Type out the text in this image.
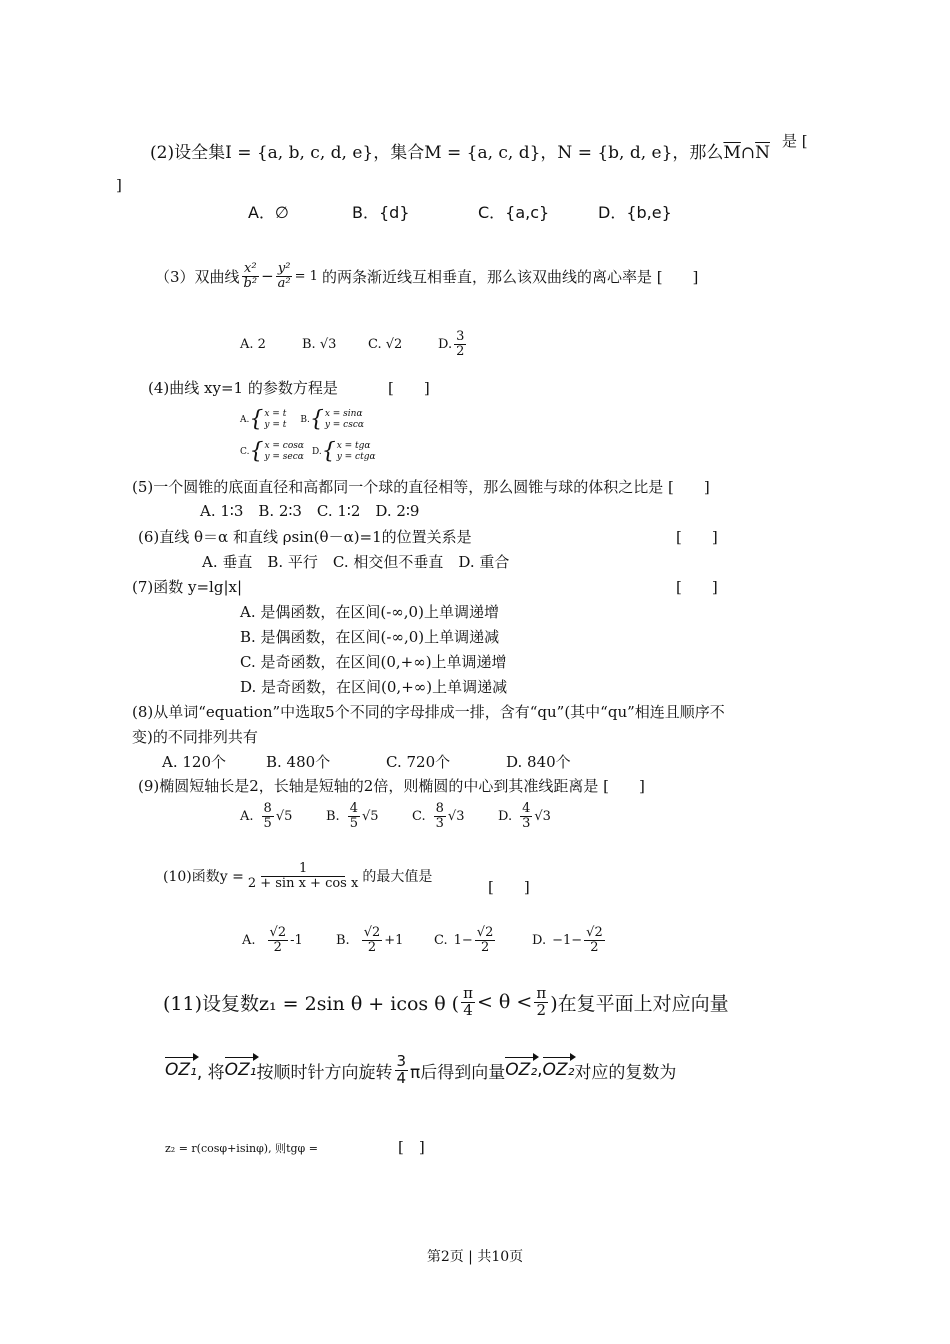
(2)设全集I = {a, b, c, d, e}，集合M = {a, c, d}，N = {b, d, e}，那么$\overline{M}\cap\overline{N}$
是 [
]
A．∅	B．{d}	C．{a,c}	D．{b,e}
（3）双曲线 $\frac{\text{x²}}{\text{b²}} - \frac{\text{y²}}{\text{a²}} = 1$ 的两条渐近线互相垂直，那么该双曲线的离心率是 [　　]
A. 2	B. √3	C. √2	D. $\frac{3}{2}$
(4)曲线 xy=1 的参数方程是	[　　]
A. { x = t
y = t B. { x = sinα
y = cscα
C. { x = cosα
y = secα D. { x = tgα
y = ctgα
(5)一个圆锥的底面直径和高都同一个球的直径相等，那么圆锥与球的体积之比是 [　　]
A. 1∶3　B. 2∶3　C. 1∶2　D. 2∶9
(6)直线 θ＝α 和直线 ρsin(θ－α)=1的位置关系是	[　　]
A. 垂直　B. 平行　C. 相交但不垂直　D. 重合
(7)函数 y=lg|x|	[　　]
A. 是偶函数，在区间(-∞,0)上单调递增
B. 是偶函数，在区间(-∞,0)上单调递减
C. 是奇函数，在区间(0,+∞)上单调递增
D. 是奇函数，在区间(0,+∞)上单调递减
(8)从单词“equation”中选取5个不同的字母排成一排，含有“qu”(其中“qu”相连且顺序不
变)的不同排列共有
A. 120个	B. 480个	C. 720个	D. 840个
(9)椭圆短轴长是2，长轴是短轴的2倍，则椭圆的中心到其准线距离是 [　　]
A. $\frac{8}{5} √5$	B. $\frac{4}{5} √5$	C. $\frac{8}{3} √3$	D. $\frac{4}{3} √3$
(10)函数$y = \frac{1}{\text{2 + sin x + cos x}}$ 的最大值是
[　　]
A. $\frac{√2}{2} -1$	B. $\frac{√2}{2} +1$ C. $1- \frac{√2}{2}$	D. $-1- \frac{√2}{2}$
(11)设复数z₁ = 2sin θ + icos θ ( $\frac{\pi}{4} < \theta < \frac{\pi}{2}$ )在复平面上对应向量
OZ₁ , 将 OZ₁ 按顺时针方向旋转 $\frac{3}{4}$ π后得到向量 OZ₂ , OZ₂ 对应的复数为
z₂ = r(cosφ+isinφ), 则tgφ =	[　]
第2页 | 共10页
